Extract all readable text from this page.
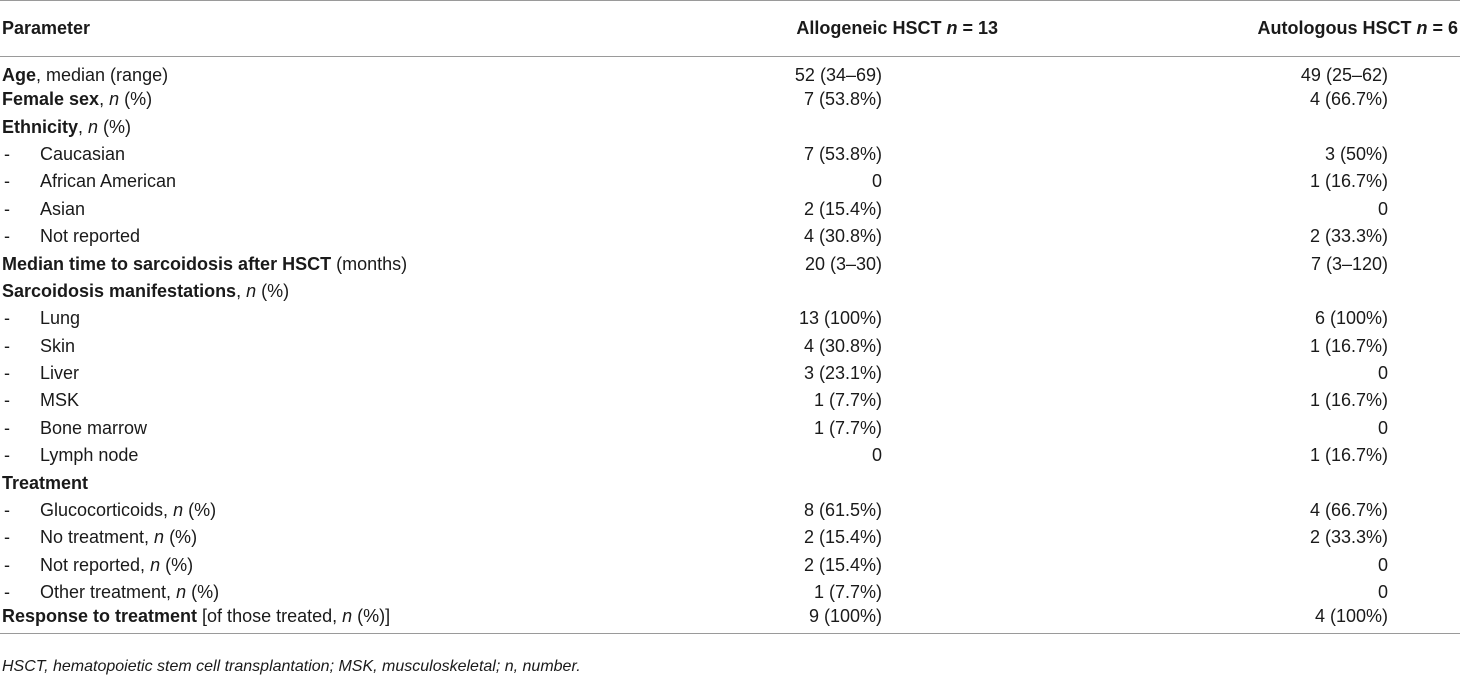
Parameter	Allogeneic HSCT n = 13	Autologous HSCT n = 6
Age, median (range)	52 (34–69)	49 (25–62)
Female sex, n (%)	7 (53.8%)	4 (66.7%)
Ethnicity, n (%)		
- Caucasian	7 (53.8%)	3 (50%)
- African American	0	1 (16.7%)
- Asian	2 (15.4%)	0
- Not reported	4 (30.8%)	2 (33.3%)
Median time to sarcoidosis after HSCT (months)	20 (3–30)	7 (3–120)
Sarcoidosis manifestations, n (%)		
- Lung	13 (100%)	6 (100%)
- Skin	4 (30.8%)	1 (16.7%)
- Liver	3 (23.1%)	0
- MSK	1 (7.7%)	1 (16.7%)
- Bone marrow	1 (7.7%)	0
- Lymph node	0	1 (16.7%)
Treatment		
- Glucocorticoids, n (%)	8 (61.5%)	4 (66.7%)
- No treatment, n (%)	2 (15.4%)	2 (33.3%)
- Not reported, n (%)	2 (15.4%)	0
- Other treatment, n (%)	1 (7.7%)	0
Response to treatment [of those treated, n (%)]	9 (100%)	4 (100%)
HSCT, hematopoietic stem cell transplantation; MSK, musculoskeletal; n, number.
